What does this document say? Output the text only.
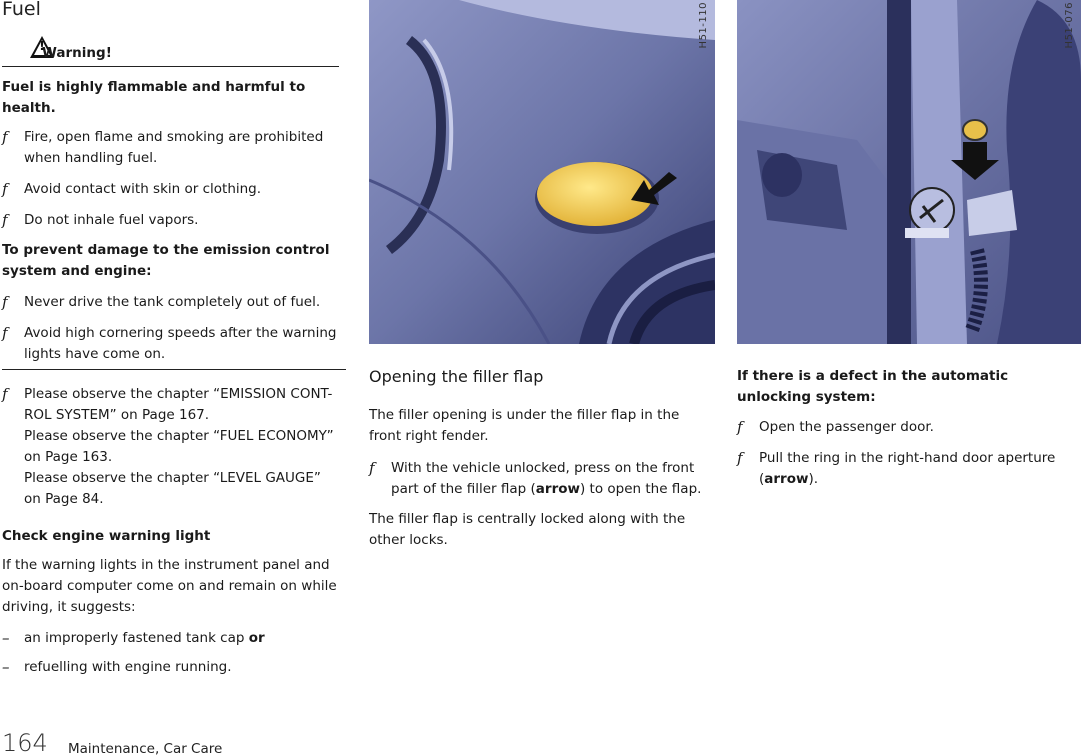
Fuel
!
Warning!
Fuel is highly flammable and harmful to health.
f Fire, open flame and smoking are prohibited when handling fuel.
f Avoid contact with skin or clothing.
f Do not inhale fuel vapors.
To prevent damage to the emission control system and engine:
f Never drive the tank completely out of fuel.
f Avoid high cornering speeds after the warning lights have come on.
f Please observe the chapter “EMISSION CONT-
ROL SYSTEM” on Page 167.
Please observe the chapter “FUEL ECONOMY”
on Page 163.
Please observe the chapter “LEVEL GAUGE”
on Page 84.
Check engine warning light
If the warning lights in the instrument panel and on-board computer come on and remain on while driving, it suggests:
– an improperly fastened tank cap or
– refuelling with engine running.
H51-110
Opening the filler flap
The filler opening is under the filler flap in the front right fender.
f With the vehicle unlocked, press on the front part of the filler flap (arrow) to open the flap.
The filler flap is centrally locked along with the other locks.
H51-076
If there is a defect in the automatic unlocking system:
f Open the passenger door.
f Pull the ring in the right-hand door aperture (arrow).
164 Maintenance, Car Care
